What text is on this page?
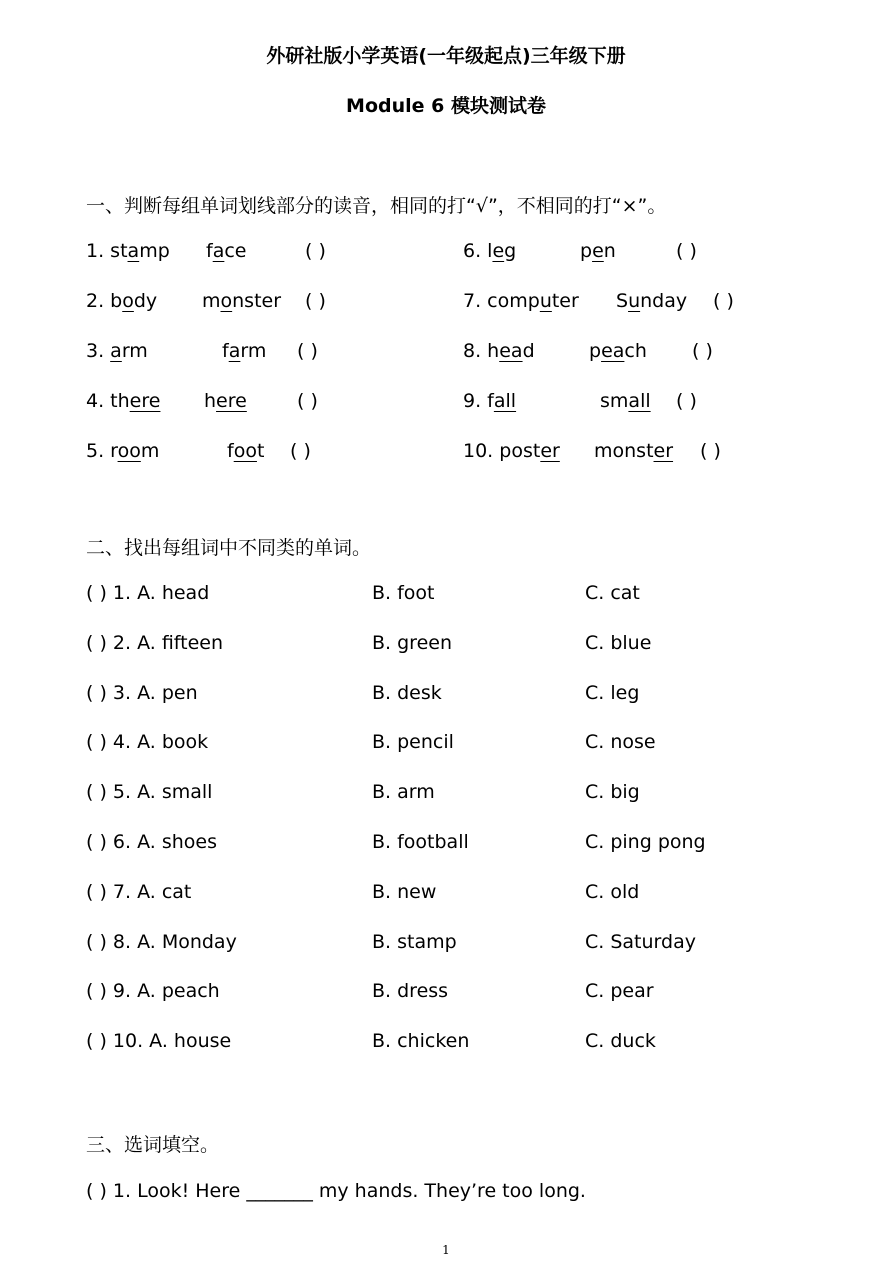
外研社版小学英语(一年级起点)三年级下册
Module 6 模块测试卷
一、判断每组单词划线部分的读音，相同的打“√”，不相同的打“×”。
二、找出每组词中不同类的单词。
三、选词填空。
( ) 1. Look! Here _______ my hands. They’re too long.
1
1. stamp face	( )
2. body monster ( )
3. arm	farm ( )
4. there here	( )
5. room	foot ( )
6. leg	pen	( )
7. computer Sunday ( )
8. head	peach ( )
9. fall	small ( )
10. poster monster ( )
( ) 1. A. head	B. foot	C. cat
( ) 2. A. fifteen	B. green	C. blue
( ) 3. A. pen	B. desk	C. leg
( ) 4. A. book	B. pencil	C. nose
( ) 5. A. small	B. arm	C. big
( ) 6. A. shoes	B. football	C. ping pong
( ) 7. A. cat	B. new	C. old
( ) 8. A. Monday	B. stamp	C. Saturday
( ) 9. A. peach	B. dress	C. pear
( ) 10. A. house	B. chicken	C. duck
